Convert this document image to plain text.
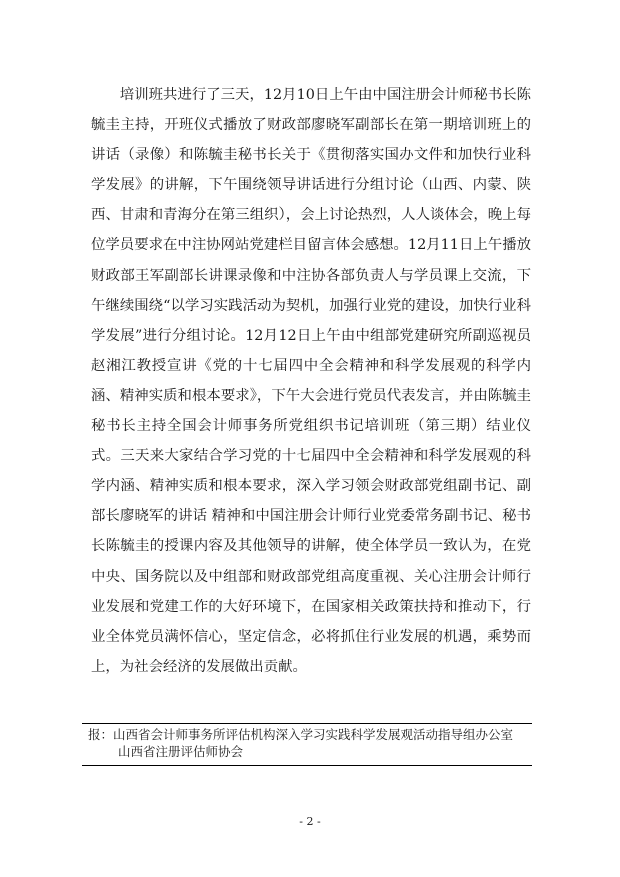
培训班共进行了三天，12月10日上午由中国注册会计师秘书长陈毓圭主持，开班仪式播放了财政部廖晓军副部长在第一期培训班上的讲话（录像）和陈毓圭秘书长关于《贯彻落实国办文件和加快行业科学发展》的讲解，下午围绕领导讲话进行分组讨论（山西、内蒙、陕西、甘肃和青海分在第三组织），会上讨论热烈，人人谈体会，晚上每位学员要求在中注协网站党建栏目留言体会感想。12月11日上午播放财政部王军副部长讲课录像和中注协各部负责人与学员课上交流，下午继续围绕“以学习实践活动为契机，加强行业党的建设，加快行业科学发展”进行分组讨论。12月12日上午由中组部党建研究所副巡视员赵湘江教授宣讲《党的十七届四中全会精神和科学发展观的科学内涵、精神实质和根本要求》，下午大会进行党员代表发言，并由陈毓圭秘书长主持全国会计师事务所党组织书记培训班（第三期）结业仪式。三天来大家结合学习党的十七届四中全会精神和科学发展观的科学内涵、精神实质和根本要求，深入学习领会财政部党组副书记、副部长廖晓军的讲话 精神和中国注册会计师行业党委常务副书记、秘书长陈毓圭的授课内容及其他领导的讲解，使全体学员一致认为，在党中央、国务院以及中组部和财政部党组高度重视、关心注册会计师行业发展和党建工作的大好环境下，在国家相关政策扶持和推动下，行业全体党员满怀信心，坚定信念，必将抓住行业发展的机遇，乘势而上，为社会经济的发展做出贡献。

报：山西省会计师事务所评估机构深入学习实践科学发展观活动指导组办公室
山西省注册评估师协会
- 2 -
